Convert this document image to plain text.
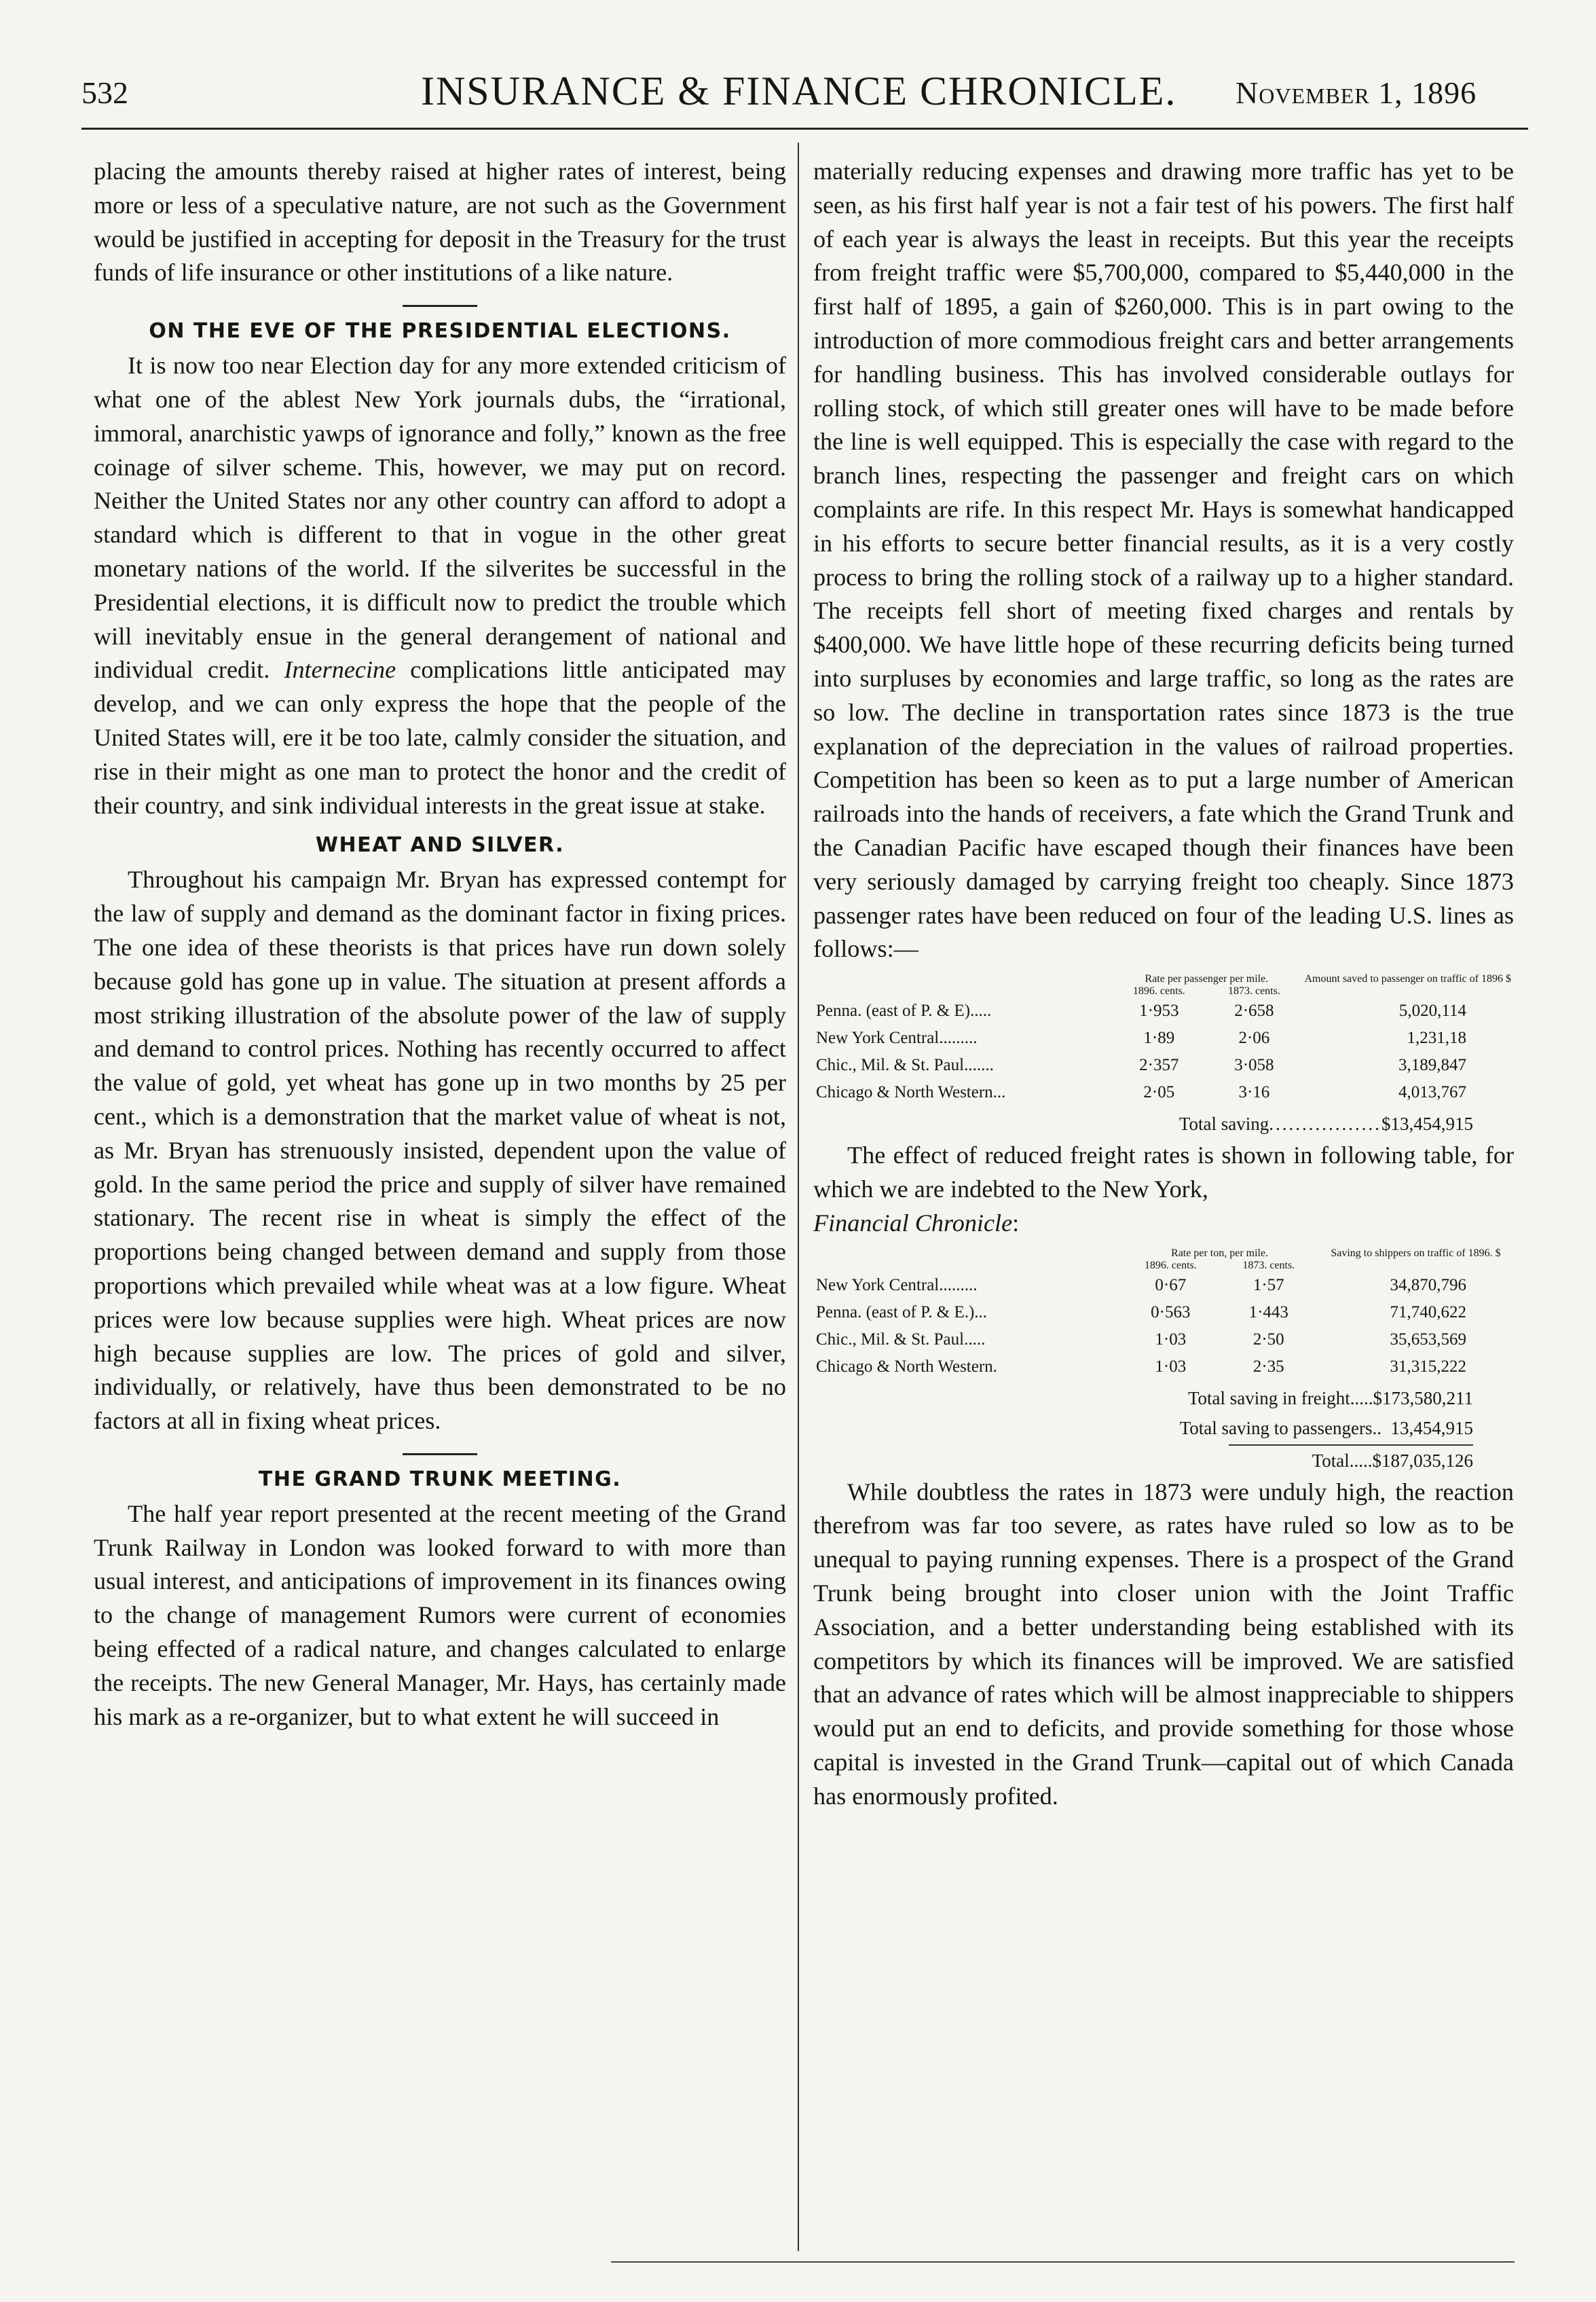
532	INSURANCE & FINANCE CHRONICLE. November 1, 1896

placing the amounts thereby raised at higher rates of interest, being more or less of a speculative nature, are not such as the Government would be justified in accepting for deposit in the Treasury for the trust funds of life insurance or other institutions of a like nature.

ON THE EVE OF THE PRESIDENTIAL ELECTIONS.

It is now too near Election day for any more extended criticism of what one of the ablest New York journals dubs, the “irrational, immoral, anarchistic yawps of ignorance and folly,” known as the free coinage of silver scheme. This, however, we may put on record. Neither the United States nor any other country can afford to adopt a standard which is different to that in vogue in the other great monetary nations of the world. If the silverites be successful in the Presidential elections, it is difficult now to predict the trouble which will inevitably ensue in the general derangement of national and individual credit. Internecine complications little anticipated may develop, and we can only express the hope that the people of the United States will, ere it be too late, calmly consider the situation, and rise in their might as one man to protect the honor and the credit of their country, and sink individual interests in the great issue at stake.

WHEAT AND SILVER.

Throughout his campaign Mr. Bryan has expressed contempt for the law of supply and demand as the dominant factor in fixing prices. The one idea of these theorists is that prices have run down solely because gold has gone up in value. The situation at present affords a most striking illustration of the absolute power of the law of supply and demand to control prices. Nothing has recently occurred to affect the value of gold, yet wheat has gone up in two months by 25 per cent., which is a demonstration that the market value of wheat is not, as Mr. Bryan has strenuously insisted, dependent upon the value of gold. In the same period the price and supply of silver have remained stationary. The recent rise in wheat is simply the effect of the proportions being changed between demand and supply from those proportions which prevailed while wheat was at a low figure. Wheat prices were low because supplies were high. Wheat prices are now high because supplies are low. The prices of gold and silver, individually, or relatively, have thus been demonstrated to be no factors at all in fixing wheat prices.

THE GRAND TRUNK MEETING.

The half year report presented at the recent meeting of the Grand Trunk Railway in London was looked forward to with more than usual interest, and anticipations of improvement in its finances owing to the change of management Rumors were current of economies being effected of a radical nature, and changes calculated to enlarge the receipts. The new General Manager, Mr. Hays, has certainly made his mark as a re-organizer, but to what extent he will succeed in

materially reducing expenses and drawing more traffic has yet to be seen, as his first half year is not a fair test of his powers. The first half of each year is always the least in receipts. But this year the receipts from freight traffic were $5,700,000, compared to $5,440,000 in the first half of 1895, a gain of $260,000. This is in part owing to the introduction of more commodious freight cars and better arrangements for handling business. This has involved considerable outlays for rolling stock, of which still greater ones will have to be made before the line is well equipped. This is especially the case with regard to the branch lines, respecting the passenger and freight cars on which complaints are rife. In this respect Mr. Hays is somewhat handicapped in his efforts to secure better financial results, as it is a very costly process to bring the rolling stock of a railway up to a higher standard. The receipts fell short of meeting fixed charges and rentals by $400,000. We have little hope of these recurring deficits being turned into surpluses by economies and large traffic, so long as the rates are so low. The decline in transportation rates since 1873 is the true explanation of the depreciation in the values of railroad properties. Competition has been so keen as to put a large number of American railroads into the hands of receivers, a fate which the Grand Trunk and the Canadian Pacific have escaped though their finances have been very seriously damaged by carrying freight too cheaply. Since 1873 passenger rates have been reduced on four of the leading U.S. lines as follows:—

	Rate per passenger per mile.		Amount saved to passenger on traffic of 1896 $
	1896. cents.	1873. cents.	
Penna. (east of P. & E).....	1·953	2·658	5,020,114
New York Central.........	1·89	2·06	1,231,18
Chic., Mil. & St. Paul.......	2·357	3·058	3,189,847
Chicago & North Western...	2·05	3·16	4,013,767
Total saving.................$13,454,915

The effect of reduced freight rates is shown in following table, for which we are indebted to the New York,
Financial Chronicle:

	Rate per ton, per mile.		Saving to shippers on traffic of 1896. $
	1896. cents.	1873. cents.	
New York Central.........	0·67	1·57	34,870,796
Penna. (east of P. & E.)...	0·563	1·443	71,740,622
Chic., Mil. & St. Paul.....	1·03	2·50	35,653,569
Chicago & North Western.	1·03	2·35	31,315,222
Total saving in freight.....$173,580,211
Total saving to passengers.. 13,454,915
Total.....$187,035,126

While doubtless the rates in 1873 were unduly high, the reaction therefrom was far too severe, as rates have ruled so low as to be unequal to paying running expenses. There is a prospect of the Grand Trunk being brought into closer union with the Joint Traffic Association, and a better understanding being established with its competitors by which its finances will be improved. We are satisfied that an advance of rates which will be almost inappreciable to shippers would put an end to deficits, and provide something for those whose capital is invested in the Grand Trunk—capital out of which Canada has enormously profited.
